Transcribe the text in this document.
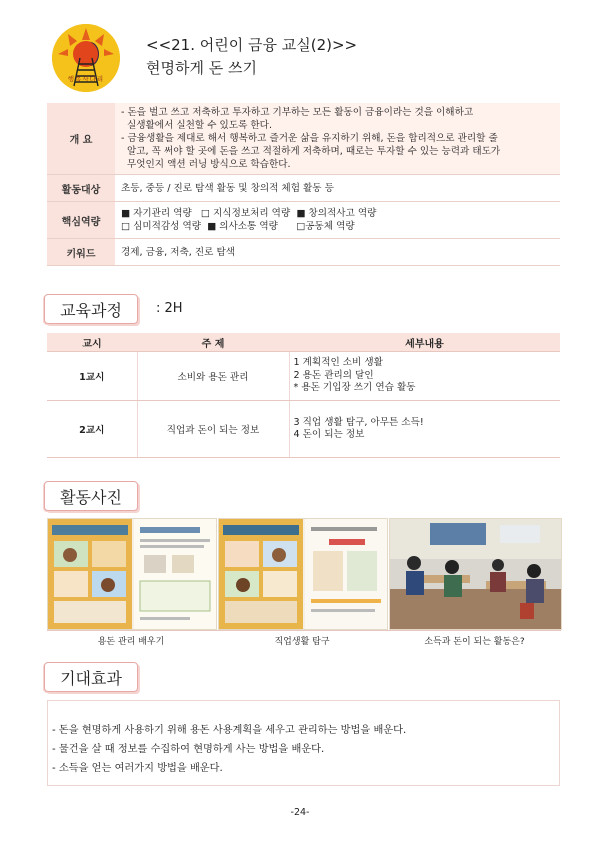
행복사다리
<<21. 어린이 금융 교실(2)>>
현명하게 돈 쓰기
개 요	- 돈을 벌고 쓰고 저축하고 투자하고 기부하는 모든 활동이 금융이라는 것을 이해하고

실생활에서 실천할 수 있도록 한다.

- 금융생활을 제대로 해서 행복하고 즐거운 삶을 유지하기 위해, 돈을 합리적으로 관리할 줄

알고, 꼭 써야 할 곳에 돈을 쓰고 적절하게 저축하며, 때로는 투자할 수 있는 능력과 태도가

무엇인지 액션 러닝 방식으로 학습한다.

활동대상	초등, 중등 / 진로 탐색 활동 및 창의적 체험 활동 등
핵심역량	■ 자기관리 역량   □ 지식정보처리 역량  ■ 창의적사고 역량

□ 심미적감성 역량  ■ 의사소통 역량      □공동체 역량

키워드	경제, 금융, 저축, 진로 탐색
교육과정	: 2H
교시	주 제	세부내용
1교시	소비와 용돈 관리	1 계획적인 소비 생활
2 용돈 관리의 달인
* 용돈 기입장 쓰기 연습 활동

2교시	직업과 돈이 되는 정보	3 직업 생활 탐구, 아무튼 소득!
4 돈이 되는 정보
활동사진
용돈 관리 배우기	직업생활 탐구	소득과 돈이 되는 활동은?
기대효과
- 돈을 현명하게 사용하기 위해 용돈 사용계획을 세우고 관리하는 방법을 배운다.
- 물건을 살 때 정보를 수집하여 현명하게 사는 방법을 배운다.
- 소득을 얻는 여러가지 방법을 배운다.
-24-
